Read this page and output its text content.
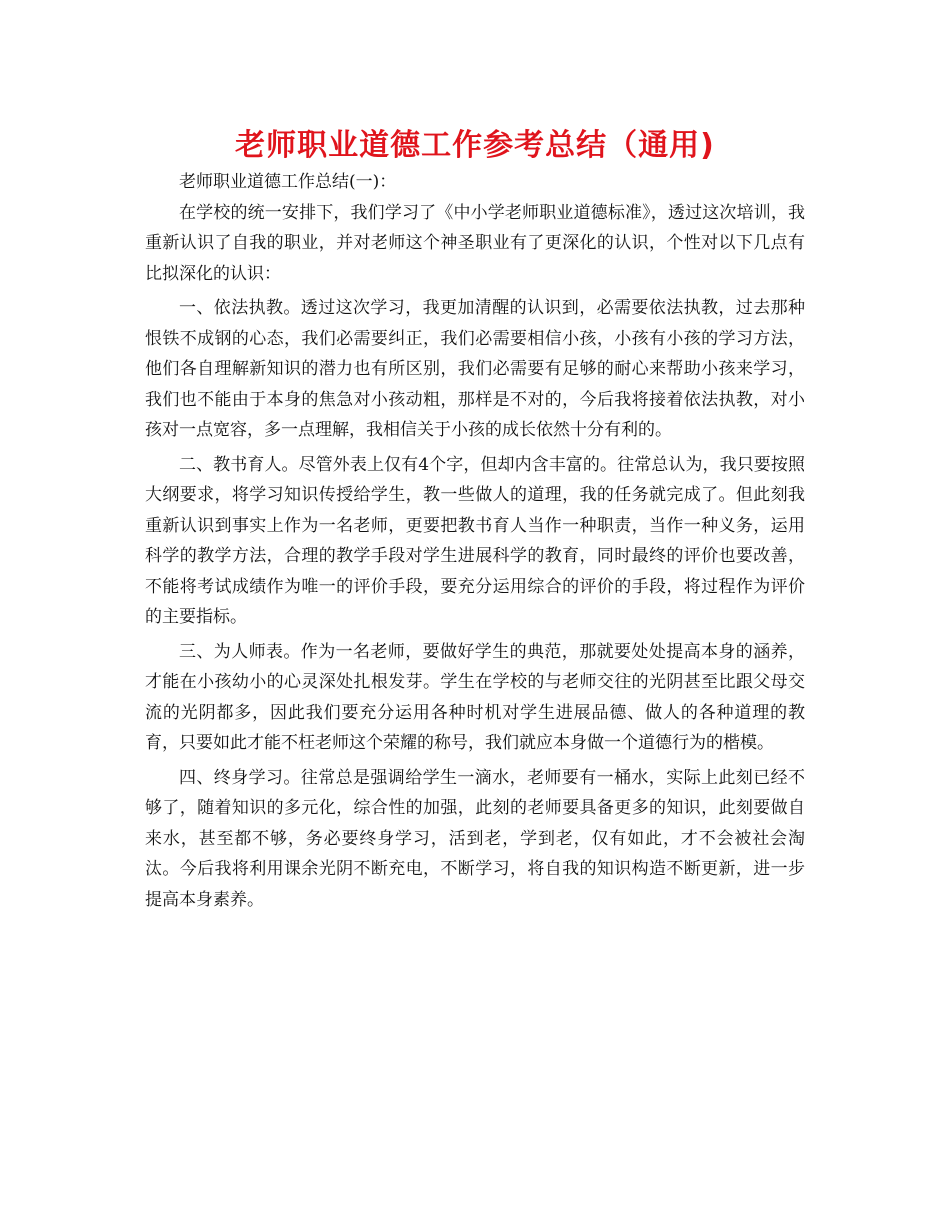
老师职业道德工作参考总结（通用)

老师职业道德工作总结(一)：

在学校的统一安排下，我们学习了《中小学老师职业道德标准》，透过这次培训，我重新认识了自我的职业，并对老师这个神圣职业有了更深化的认识，个性对以下几点有比拟深化的认识：

一、依法执教。透过这次学习，我更加清醒的认识到，必需要依法执教，过去那种恨铁不成钢的心态，我们必需要纠正，我们必需要相信小孩，小孩有小孩的学习方法，他们各自理解新知识的潜力也有所区别，我们必需要有足够的耐心来帮助小孩来学习，我们也不能由于本身的焦急对小孩动粗，那样是不对的，今后我将接着依法执教，对小孩对一点宽容，多一点理解，我相信关于小孩的成长依然十分有利的。

二、教书育人。尽管外表上仅有4个字，但却内含丰富的。往常总认为，我只要按照大纲要求，将学习知识传授给学生，教一些做人的道理，我的任务就完成了。但此刻我重新认识到事实上作为一名老师，更要把教书育人当作一种职责，当作一种义务，运用科学的教学方法，合理的教学手段对学生进展科学的教育，同时最终的评价也要改善，不能将考试成绩作为唯一的评价手段，要充分运用综合的评价的手段，将过程作为评价的主要指标。

三、为人师表。作为一名老师，要做好学生的典范，那就要处处提高本身的涵养，才能在小孩幼小的心灵深处扎根发芽。学生在学校的与老师交往的光阴甚至比跟父母交流的光阴都多，因此我们要充分运用各种时机对学生进展品德、做人的各种道理的教育，只要如此才能不枉老师这个荣耀的称号，我们就应本身做一个道德行为的楷模。

四、终身学习。往常总是强调给学生一滴水，老师要有一桶水，实际上此刻已经不够了，随着知识的多元化，综合性的加强，此刻的老师要具备更多的知识，此刻要做自来水，甚至都不够，务必要终身学习，活到老，学到老，仅有如此，才不会被社会淘汰。今后我将利用课余光阴不断充电，不断学习，将自我的知识构造不断更新，进一步提高本身素养。
